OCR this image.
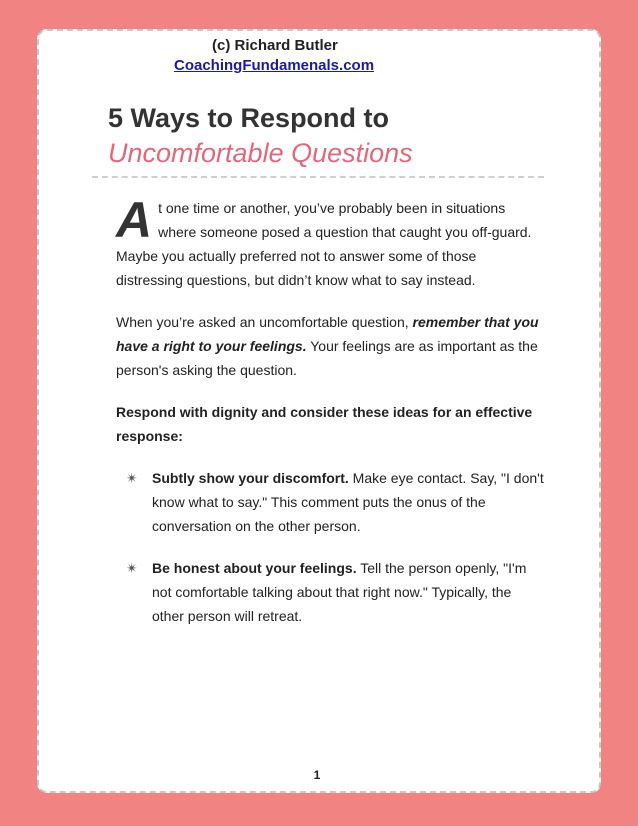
(c) Richard Butler
CoachingFundamenals.com
5 Ways to Respond to
Uncomfortable Questions

At one time or another, you’ve probably been in situations where someone posed a question that caught you off-guard. Maybe you actually preferred not to answer some of those distressing questions, but didn’t know what to say instead.

When you’re asked an uncomfortable question, remember that you have a right to your feelings. Your feelings are as important as the person's asking the question.

Respond with dignity and consider these ideas for an effective response:

✴ Subtly show your discomfort. Make eye contact. Say, "I don't know what to say." This comment puts the onus of the conversation on the other person.
✴ Be honest about your feelings. Tell the person openly, "I'm not comfortable talking about that right now." Typically, the other person will retreat.
1
